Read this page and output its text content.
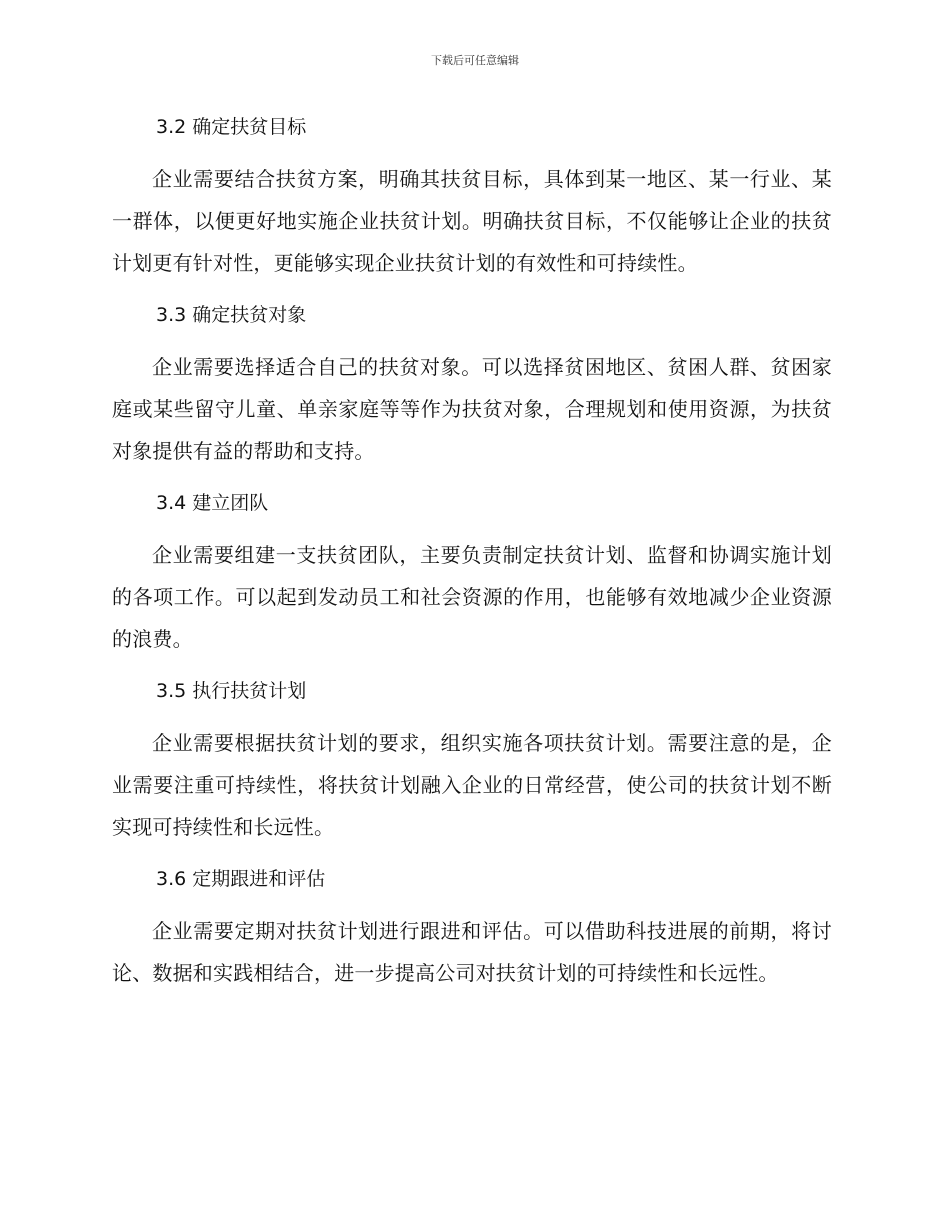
下载后可任意编辑
3.2 确定扶贫目标

企业需要结合扶贫方案，明确其扶贫目标，具体到某一地区、某一行业、某一群体，以便更好地实施企业扶贫计划。明确扶贫目标，不仅能够让企业的扶贫计划更有针对性，更能够实现企业扶贫计划的有效性和可持续性。

3.3 确定扶贫对象

企业需要选择适合自己的扶贫对象。可以选择贫困地区、贫困人群、贫困家庭或某些留守儿童、单亲家庭等等作为扶贫对象，合理规划和使用资源，为扶贫对象提供有益的帮助和支持。

3.4 建立团队

企业需要组建一支扶贫团队，主要负责制定扶贫计划、监督和协调实施计划的各项工作。可以起到发动员工和社会资源的作用，也能够有效地减少企业资源的浪费。

3.5 执行扶贫计划

企业需要根据扶贫计划的要求，组织实施各项扶贫计划。需要注意的是，企业需要注重可持续性，将扶贫计划融入企业的日常经营，使公司的扶贫计划不断实现可持续性和长远性。

3.6 定期跟进和评估

企业需要定期对扶贫计划进行跟进和评估。可以借助科技进展的前期，将讨论、数据和实践相结合，进一步提高公司对扶贫计划的可持续性和长远性。
